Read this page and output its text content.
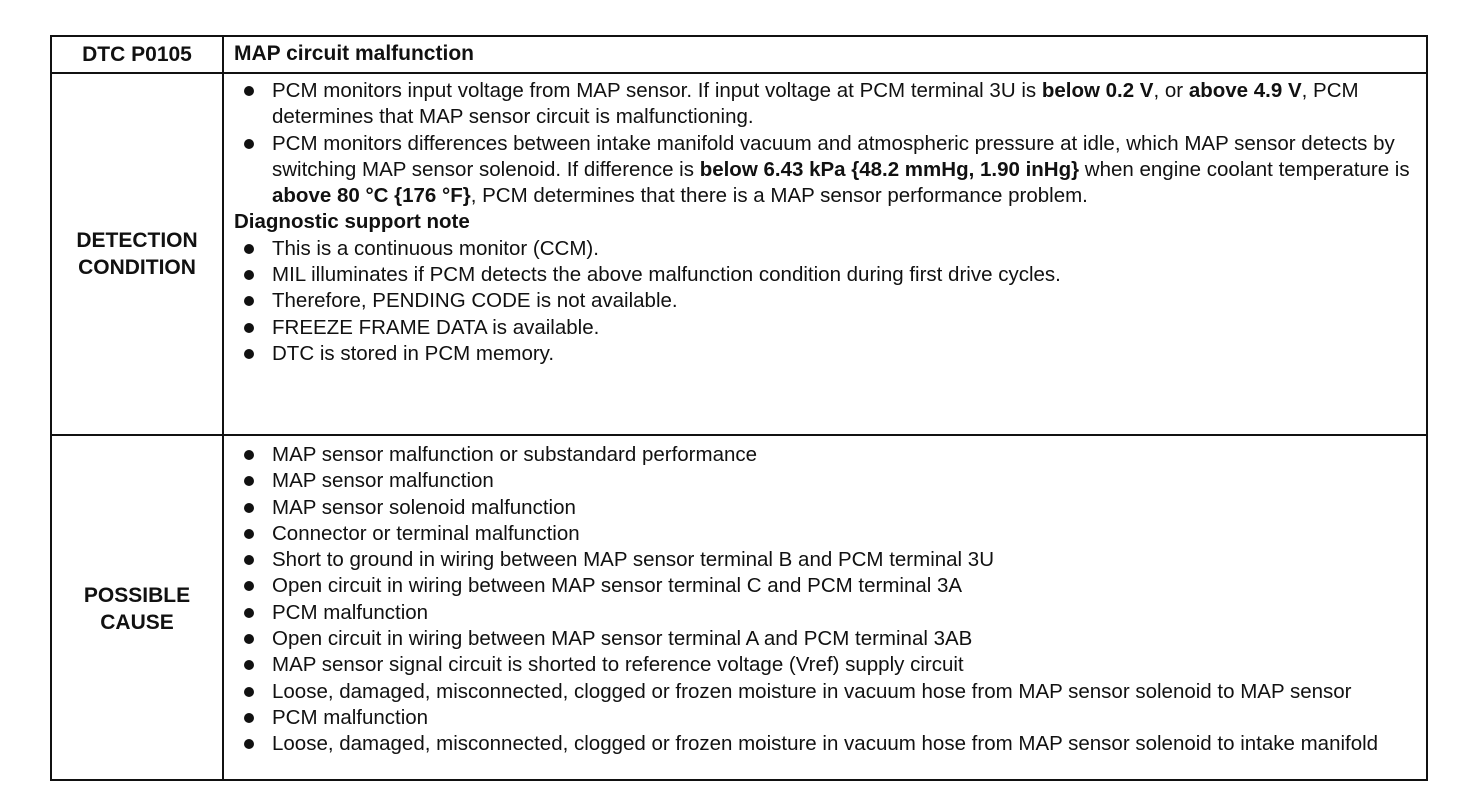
DTC P0105	MAP circuit malfunction
DETECTION
CONDITION
PCM monitors input voltage from MAP sensor. If input voltage at PCM terminal 3U is below 0.2 V, or above 4.9 V, PCM determines that MAP sensor circuit is malfunctioning.
PCM monitors differences between intake manifold vacuum and atmospheric pressure at idle, which MAP sensor detects by switching MAP sensor solenoid. If difference is below 6.43 kPa {48.2 mmHg, 1.90 inHg} when engine coolant temperature is above 80 °C {176 °F}, PCM determines that there is a MAP sensor performance problem.

Diagnostic support note

This is a continuous monitor (CCM).
MIL illuminates if PCM detects the above malfunction condition during first drive cycles.
Therefore, PENDING CODE is not available.
FREEZE FRAME DATA is available.
DTC is stored in PCM memory.
POSSIBLE
CAUSE
MAP sensor malfunction or substandard performance
MAP sensor malfunction
MAP sensor solenoid malfunction
Connector or terminal malfunction
Short to ground in wiring between MAP sensor terminal B and PCM terminal 3U
Open circuit in wiring between MAP sensor terminal C and PCM terminal 3A
PCM malfunction
Open circuit in wiring between MAP sensor terminal A and PCM terminal 3AB
MAP sensor signal circuit is shorted to reference voltage (Vref) supply circuit
Loose, damaged, misconnected, clogged or frozen moisture in vacuum hose from MAP sensor solenoid to MAP sensor
PCM malfunction
Loose, damaged, misconnected, clogged or frozen moisture in vacuum hose from MAP sensor solenoid to intake manifold
